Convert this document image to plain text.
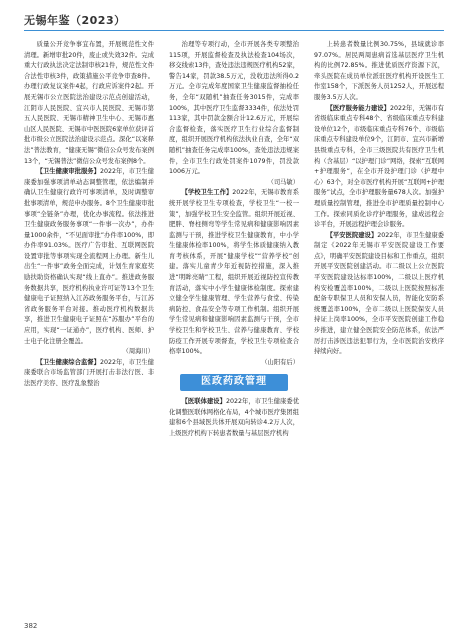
无锡年鉴（2023）

质量公开竞争事宜布置，开展规范性文件清理。新增审批20件，废止或失效32件。完成重大行政执法决定法制审核21件，规范性文件合法性审核3件，政策措施公平竞争审查8件。办理行政复议案件4起，行政应诉案件2起。开展无锡市公立医院法治建设示范点创建活动，江阴市人民医院、宜兴市人民医院、无锡市第五人民医院、无锡市精神卫生中心、无锡市惠山区人民医院、无锡市中医医院6家单位获评首批市级公立医院法治建设示范点。深化“以案释法”普法教育，“健康无锡”微信公众号发布案例13个，“无锡普法”微信公众号发布案例8个。

【卫生健康审批服务】2022年，市卫生健康委加强事项清单动态调整管理，依法编制并确认卫生健康行政许可事项清单，及时调整审批事项清单，规范申办服务。8个卫生健康审批事项“全链条”办理，优化办事流程。依法推进卫生健康政务服务事项“一件事一次办”，办件量1000余件，“不见面审批”办件率100%，即办件率91.03%。医疗广告审批、互联网医院设置审批等事项实现全流程网上办理。新生儿出生“一件事”政务全面完成，计划生育家庭奖励扶助资格确认实现“线上直办”。推进政务服务数据共享，医疗机构执业许可证等13个卫生健康电子证照纳入江苏政务服务平台，与江苏省政务服务平台对接。推动医疗机构数据共享，推进卫生健康电子证照在“苏服办”平台的应用，实现“一证通办”，医疗机构、医师、护士电子化注册全覆盖。

（周海川）

【卫生健康综合监督】2022年，市卫生健康委联合市场监管部门开展打击非法行医、非法医疗美容、医疗乱象整治

治理等专项行动，全市开展各类专项整治115项，开展监督检查及执法检查104场次，移交线索13件，查处违法违规医疗机构52家，警告14家，罚款38.5万元，没收违法所得0.2万元。全市完成年度国家卫生健康监督抽检任务，全年“双随机”抽查任务3015件，完成率100%，其中医疗卫生监督3334件，依法处罚113家，其中罚款金额合计12.6万元，开展综合监督检查，落实医疗卫生行业综合监督制度，组织开展医疗机构依法执业自查，全年“双随机”抽查任务完成率100%，查处违法违规案件，全市卫生行政处罚案件1079件，罚没款1006万元。

（司马敏）

【学校卫生工作】2022年，无锡市教育系统开展学校卫生专项检查，学校卫生“一校一策”，加强学校卫生安全监管。组织开展近视、肥胖、脊柱侧弯等学生常见病和健康影响因素监测与干预，推进学校卫生健康教育，中小学生健康体检率100%，将学生体质健康纳入教育考核体系，开展“健康学校”“营养学校”创建。落实儿童青少年近视防控措施，深入推进“明眸亮睛”工程，组织开展近视防控宣传教育活动，落实中小学生健康体检制度。探索建立健全学生健康管理、学生营养与食堂、传染病防控、食品安全等专项工作机制。组织开展学生常见病和健康影响因素监测与干预，全市学校卫生和学校卫生、营养与健康教育、学校防疫工作开展专项督查，学校卫生专项检查合格率100%。

（山阳有后）

医政药政管理

【医联体建设】2022年，市卫生健康委优化调整医联体网格化布局，4个城市医疗集团组建和6个县域医共体开展双向转诊4.2万人次，上级医疗机构下转患者数量与基层医疗机构

上转患者数量比例30.75%，县域就诊率97.07%。居民两周患病首选基层医疗卫生机构的比例72.85%。推进优质医疗资源下沉，牵头医院在成员单位派驻医疗机构开设医生工作室158个，下派医务人员1252人，开展远程服务3.5万人次。

【医疗服务能力建设】2022年，无锡市有省级临床重点专科48个、省级临床重点专科建设单位12个，市级临床重点专科76个、市级临床重点专科建设单位9个，江阴市、宜兴市新增县级重点专科，全市三级医院共有医疗卫生机构（含基层）“以护理门诊”网络，探索“互联网+护理服务”，在全市开设护理门诊（护理中心）63个，对全市医疗机构开展“互联网+护理服务”试点，全市护理服务量678人次。加强护理质量控制管理，推进全市护理质量控制中心工作。探索同质化诊疗护理服务，建成远程会诊平台，开展远程护理会诊服务。

【平安医院建设】2022年，市卫生健康委制定《2022年无锡市平安医院建设工作要点》，明确平安医院建设目标和工作重点，组织开展平安医院创建活动。市二级以上公立医院平安医院建设达标率100%，二级以上医疗机构安检覆盖率100%，二级以上医院按照标准配备专职保卫人员和安保人员，智能化安防系统覆盖率100%，全市二级以上医院保安人员持证上岗率100%，全市平安医院创建工作稳步推进，建立健全医院安全防范体系，依法严厉打击涉医违法犯罪行为，全市医院治安秩序持续向好。

382
